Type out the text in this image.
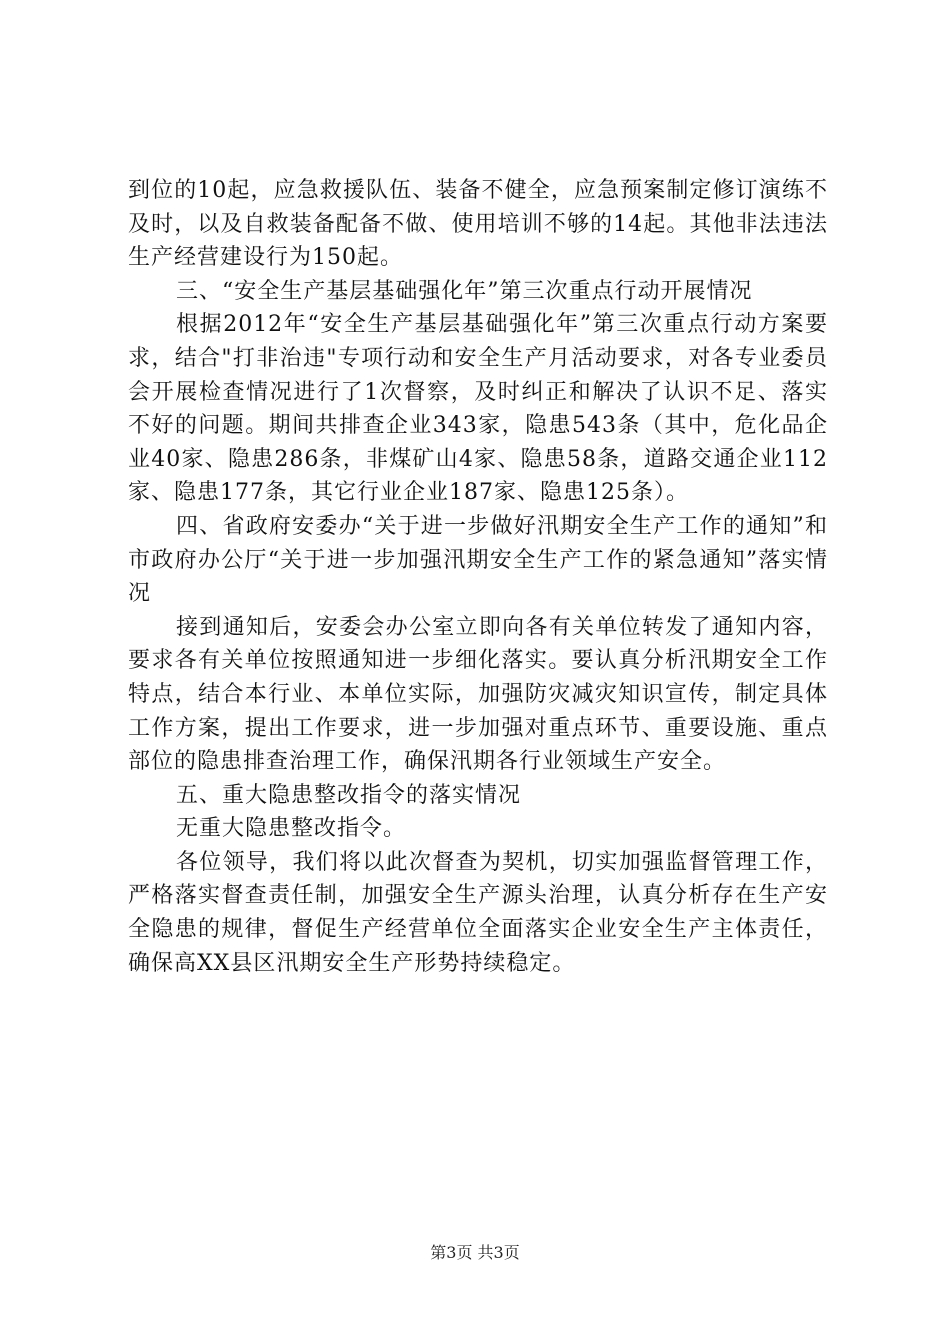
到位的10起，应急救援队伍、装备不健全，应急预案制定修订演练不及时，以及自救装备配备不做、使用培训不够的14起。其他非法违法生产经营建设行为150起。

三、“安全生产基层基础强化年”第三次重点行动开展情况

根据2012年“安全生产基层基础强化年”第三次重点行动方案要求，结合"打非治违"专项行动和安全生产月活动要求，对各专业委员会开展检查情况进行了1次督察，及时纠正和解决了认识不足、落实不好的问题。期间共排查企业343家，隐患543条（其中，危化品企业40家、隐患286条，非煤矿山4家、隐患58条，道路交通企业112家、隐患177条，其它行业企业187家、隐患125条）。

四、省政府安委办“关于进一步做好汛期安全生产工作的通知”和市政府办公厅“关于进一步加强汛期安全生产工作的紧急通知”落实情况

接到通知后，安委会办公室立即向各有关单位转发了通知内容，要求各有关单位按照通知进一步细化落实。要认真分析汛期安全工作特点，结合本行业、本单位实际，加强防灾减灾知识宣传，制定具体工作方案，提出工作要求，进一步加强对重点环节、重要设施、重点部位的隐患排查治理工作，确保汛期各行业领域生产安全。

五、重大隐患整改指令的落实情况

无重大隐患整改指令。

各位领导，我们将以此次督查为契机，切实加强监督管理工作，严格落实督查责任制，加强安全生产源头治理，认真分析存在生产安全隐患的规律，督促生产经营单位全面落实企业安全生产主体责任，确保高XX县区汛期安全生产形势持续稳定。

第3页 共3页
